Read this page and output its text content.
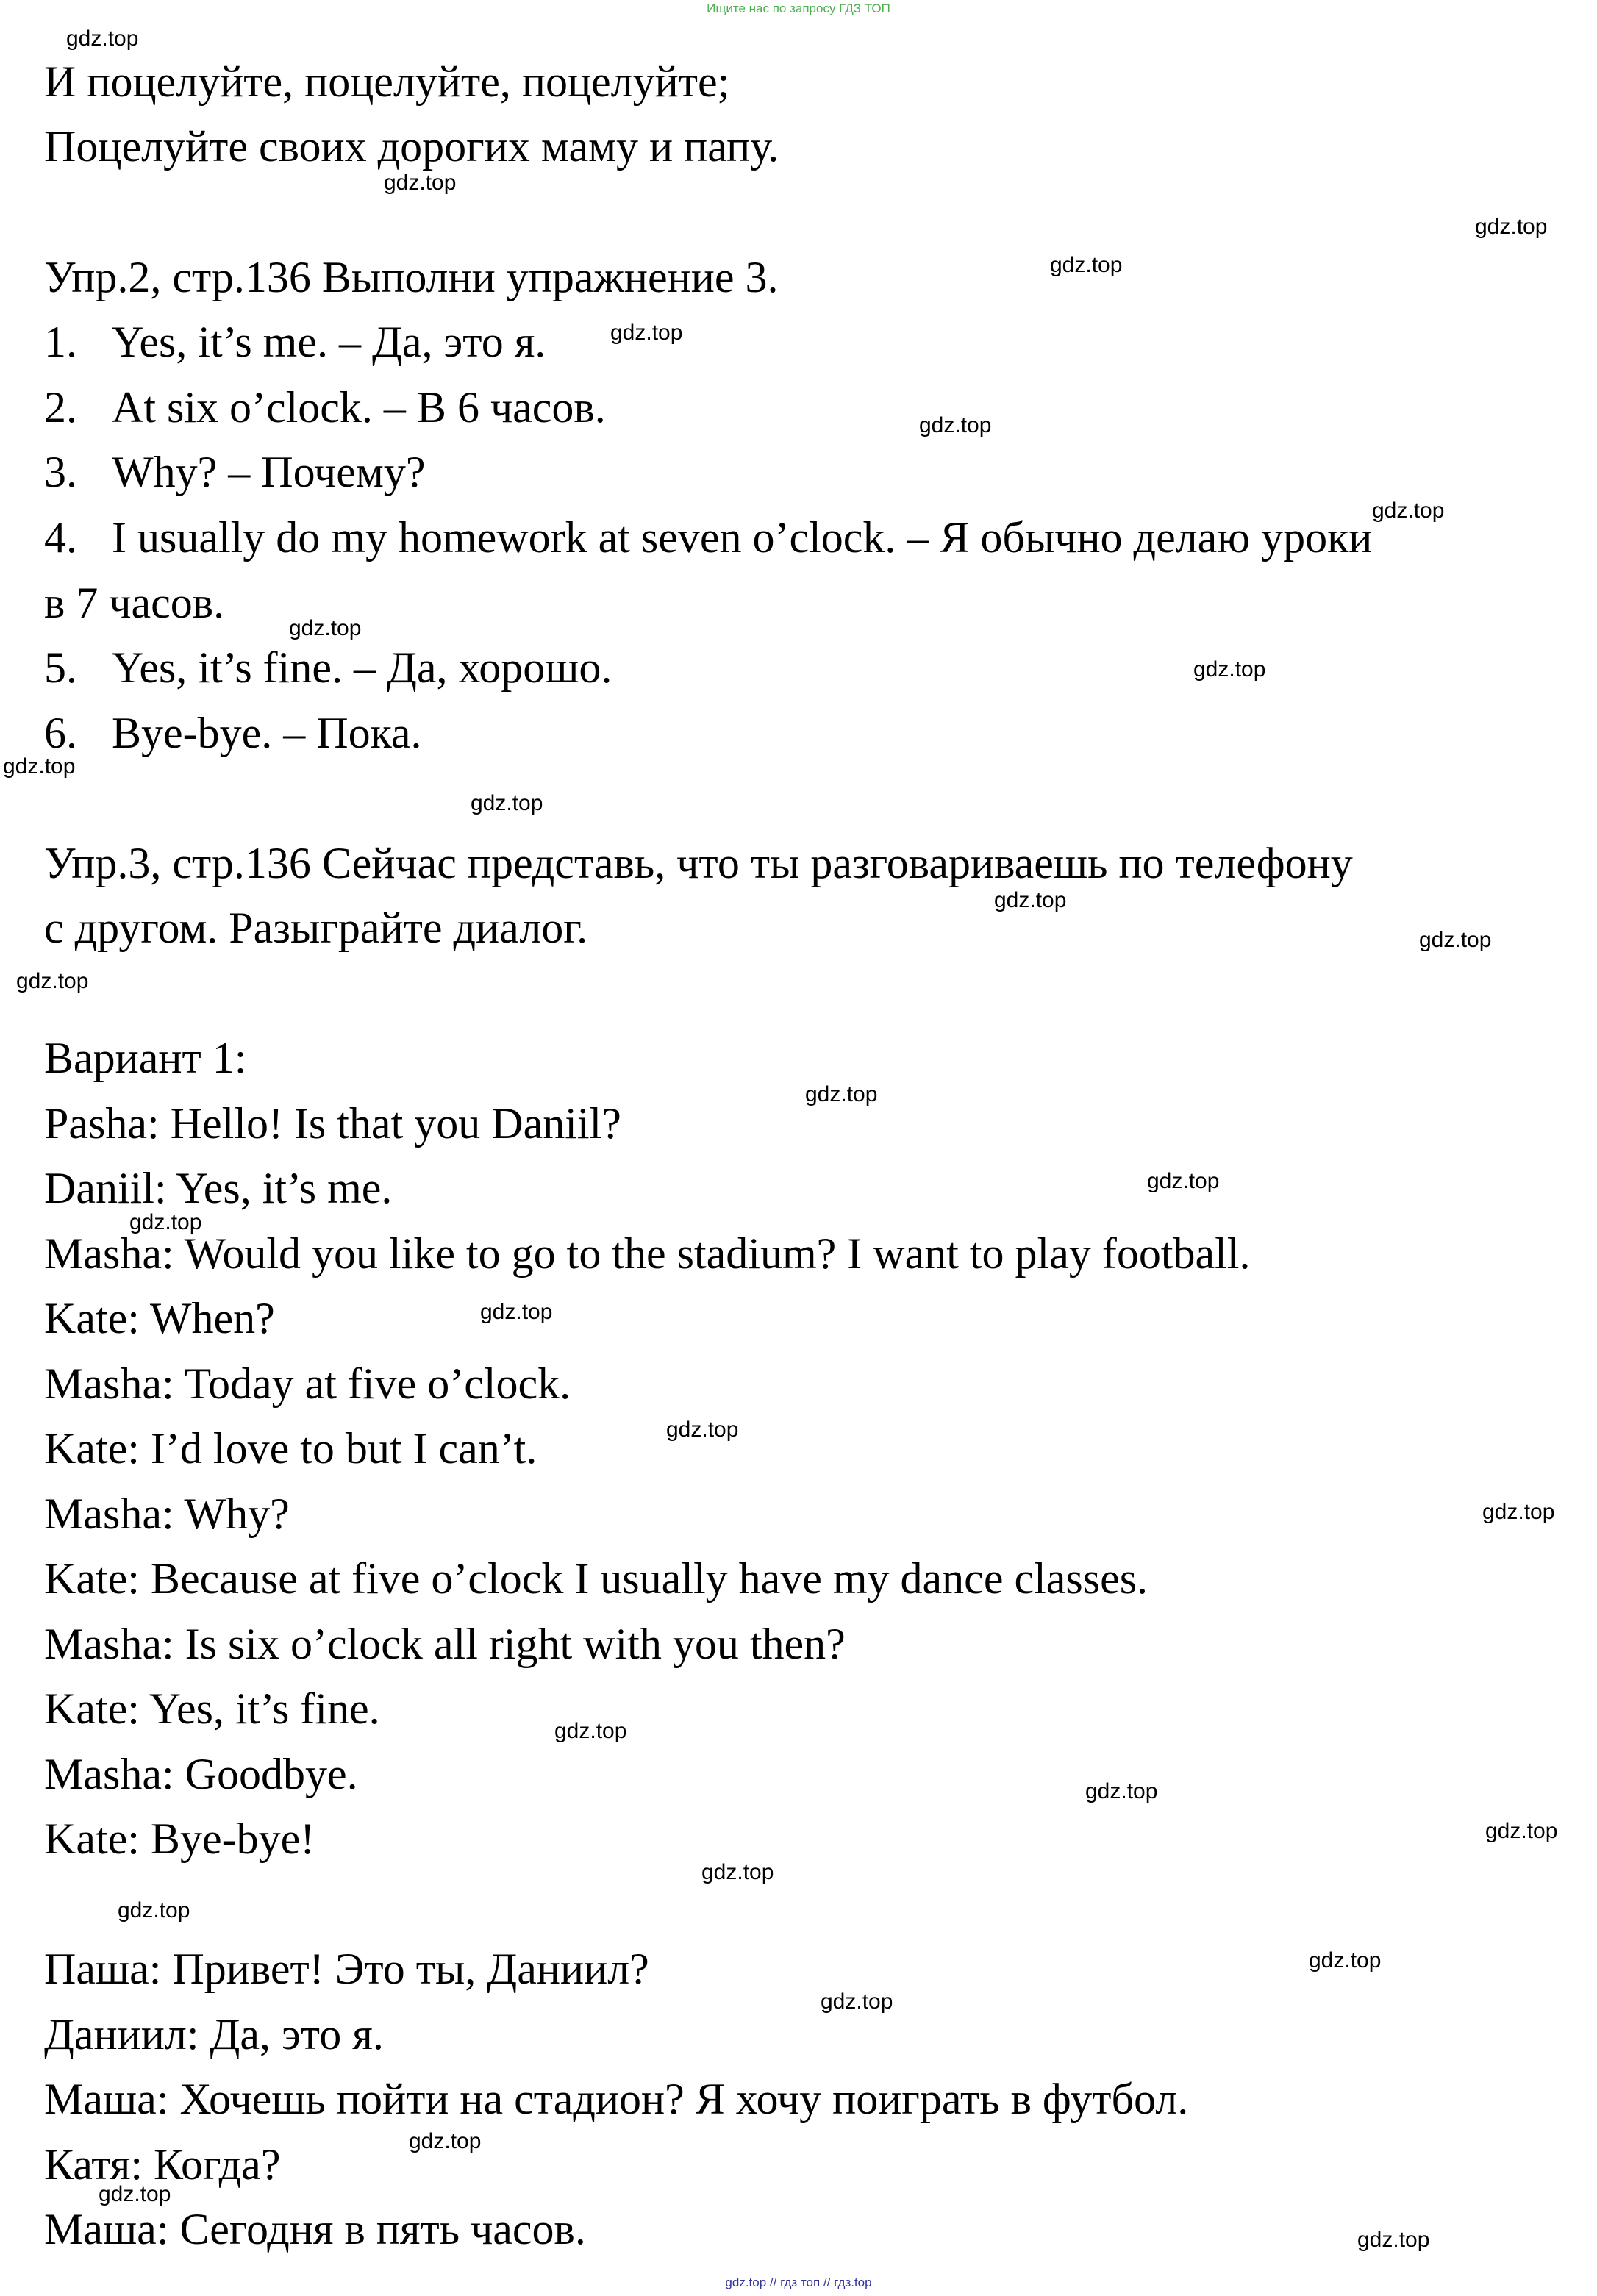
Ищите нас по запросу ГДЗ ТОП

И поцелуйте, поцелуйте, поцелуйте;

Поцелуйте своих дорогих маму и папу.

Упр.2, стр.136 Выполни упражнение 3.

1. Yes, it’s me. – Да, это я.

2. At six o’clock. – В 6 часов.

3. Why? – Почему?

4. I usually do my homework at seven o’clock. – Я обычно делаю уроки

в 7 часов.

5. Yes, it’s fine. – Да, хорошо.

6. Bye-bye. – Пока.

Упр.3, стр.136 Сейчас представь, что ты разговариваешь по телефону

с другом. Разыграйте диалог.

Вариант 1:

Pasha: Hello! Is that you Daniil?

Daniil: Yes, it’s me.

Masha: Would you like to go to the stadium? I want to play football.

Kate: When?

Masha: Today at five o’clock.

Kate: I’d love to but I can’t.

Masha: Why?

Kate: Because at five o’clock I usually have my dance classes.

Masha: Is six o’clock all right with you then?

Kate: Yes, it’s fine.

Masha: Goodbye.

Kate: Bye-bye!

Паша: Привет! Это ты, Даниил?

Даниил: Да, это я.

Маша: Хочешь пойти на стадион? Я хочу поиграть в футбол.

Катя: Когда?

Маша: Сегодня в пять часов.

gdz.top
gdz.top
gdz.top
gdz.top
gdz.top
gdz.top
gdz.top
gdz.top
gdz.top
gdz.top
gdz.top
gdz.top
gdz.top
gdz.top
gdz.top
gdz.top
gdz.top
gdz.top
gdz.top
gdz.top
gdz.top
gdz.top
gdz.top
gdz.top
gdz.top
gdz.top
gdz.top
gdz.top
gdz.top
gdz.top
gdz.top // гдз топ // гдз.top
